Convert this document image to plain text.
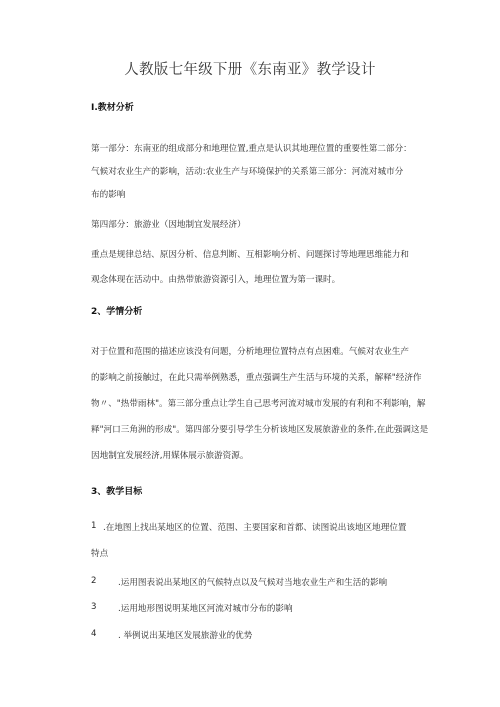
人教版七年级下册《东南亚》教学设计
I.教材分析
第一部分：东南亚的组成部分和地理位置,重点是认识其地理位置的重要性第二部分：
气候对农业生产的影响，活动:农业生产与环境保护的关系第三部分：河流对城市分
布的影响
第四部分：旅游业（因地制宜发展经济）
重点是规律总结、原因分析、信息判断、互相影响分析、问题探讨等地理思维能力和
观念体现在活动中。由热带旅游资源引入，地理位置为第一课时。
2、学情分析
对于位置和范围的描述应该没有问题，分析地理位置特点有点困难。气候对农业生产
的影响之前接触过，在此只需举例熟悉，重点强调生产生活与环境的关系，解释"经济作
物〃、"热带雨林"。第三部分重点让学生自己思考河流对城市发展的有利和不利影响，解
释"河口三角洲的形成"。第四部分要引导学生分析该地区发展旅游业的条件,在此强调这是
因地制宜发展经济,用媒体展示旅游资源。
3、教学目标
1 .在地图上找出某地区的位置、范围、主要国家和首都、读图说出该地区地理位置
特点
2	.运用图表说出某地区的气候特点以及气候对当地农业生产和生活的影响
3	.运用地形图说明某地区河流对城市分布的影响
4	. 举例说出某地区发展旅游业的优势
